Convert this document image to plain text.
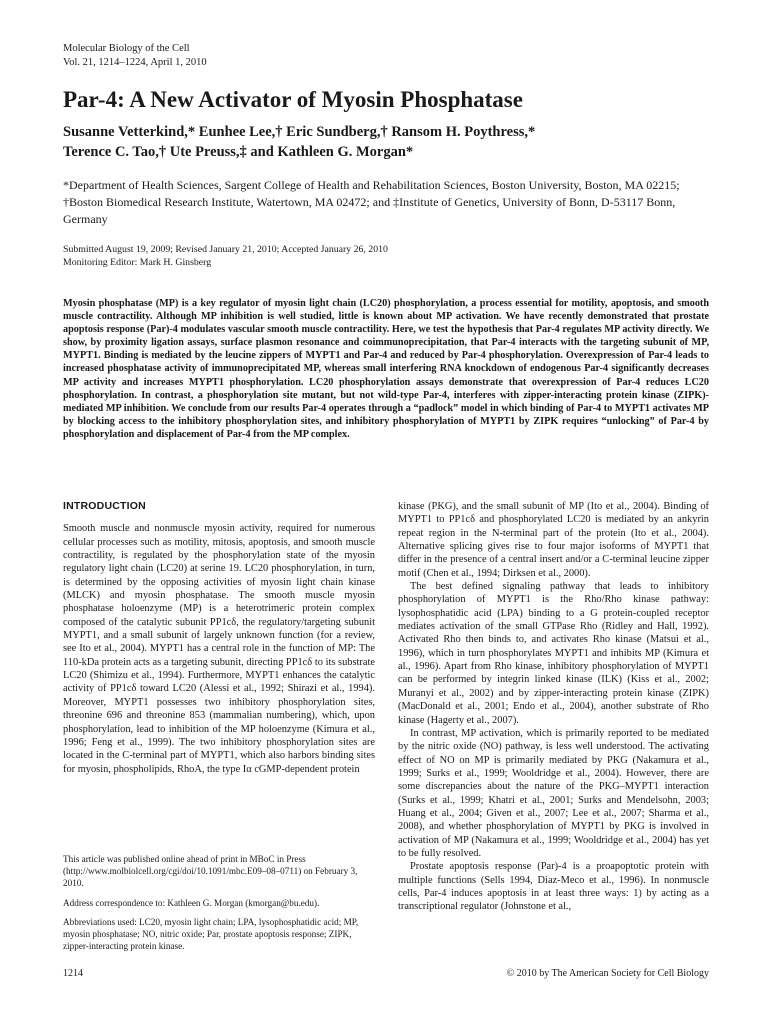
Molecular Biology of the Cell
Vol. 21, 1214–1224, April 1, 2010
Par-4: A New Activator of Myosin Phosphatase
Susanne Vetterkind,* Eunhee Lee,† Eric Sundberg,† Ransom H. Poythress,*
Terence C. Tao,† Ute Preuss,‡ and Kathleen G. Morgan*
*Department of Health Sciences, Sargent College of Health and Rehabilitation Sciences, Boston University, Boston, MA 02215; †Boston Biomedical Research Institute, Watertown, MA 02472; and ‡Institute of Genetics, University of Bonn, D-53117 Bonn, Germany
Submitted August 19, 2009; Revised January 21, 2010; Accepted January 26, 2010
Monitoring Editor: Mark H. Ginsberg
Myosin phosphatase (MP) is a key regulator of myosin light chain (LC20) phosphorylation, a process essential for motility, apoptosis, and smooth muscle contractility. Although MP inhibition is well studied, little is known about MP activation. We have recently demonstrated that prostate apoptosis response (Par)-4 modulates vascular smooth muscle contractility. Here, we test the hypothesis that Par-4 regulates MP activity directly. We show, by proximity ligation assays, surface plasmon resonance and coimmunoprecipitation, that Par-4 interacts with the targeting subunit of MP, MYPT1. Binding is mediated by the leucine zippers of MYPT1 and Par-4 and reduced by Par-4 phosphorylation. Overexpression of Par-4 leads to increased phosphatase activity of immunoprecipitated MP, whereas small interfering RNA knockdown of endogenous Par-4 significantly decreases MP activity and increases MYPT1 phosphorylation. LC20 phosphorylation assays demonstrate that overexpression of Par-4 reduces LC20 phosphorylation. In contrast, a phosphorylation site mutant, but not wild-type Par-4, interferes with zipper-interacting protein kinase (ZIPK)-mediated MP inhibition. We conclude from our results Par-4 operates through a “padlock” model in which binding of Par-4 to MYPT1 activates MP by blocking access to the inhibitory phosphorylation sites, and inhibitory phosphorylation of MYPT1 by ZIPK requires “unlocking” of Par-4 by phosphorylation and displacement of Par-4 from the MP complex.
INTRODUCTION

Smooth muscle and nonmuscle myosin activity, required for numerous cellular processes such as motility, mitosis, apoptosis, and smooth muscle contractility, is regulated by the phosphorylation state of the myosin regulatory light chain (LC20) at serine 19. LC20 phosphorylation, in turn, is determined by the opposing activities of myosin light chain kinase (MLCK) and myosin phosphatase. The smooth muscle myosin phosphatase holoenzyme (MP) is a heterotrimeric protein complex composed of the catalytic subunit PP1cδ, the regulatory/targeting subunit MYPT1, and a small subunit of largely unknown function (for a review, see Ito et al., 2004). MYPT1 has a central role in the function of MP: The 110-kDa protein acts as a targeting subunit, directing PP1cδ to its substrate LC20 (Shimizu et al., 1994). Furthermore, MYPT1 enhances the catalytic activity of PP1cδ toward LC20 (Alessi et al., 1992; Shirazi et al., 1994). Moreover, MYPT1 possesses two inhibitory phosphorylation sites, threonine 696 and threonine 853 (mammalian numbering), which, upon phosphorylation, lead to inhibition of the MP holoenzyme (Kimura et al., 1996; Feng et al., 1999). The two inhibitory phosphorylation sites are located in the C-terminal part of MYPT1, which also harbors binding sites for myosin, phospholipids, RhoA, the type Iα cGMP-dependent protein

This article was published online ahead of print in MBoC in Press (http://www.molbiolcell.org/cgi/doi/10.1091/mbc.E09–08–0711) on February 3, 2010.

Address correspondence to: Kathleen G. Morgan (kmorgan@bu.edu).

Abbreviations used: LC20, myosin light chain; LPA, lysophosphatidic acid; MP, myosin phosphatase; NO, nitric oxide; Par, prostate apoptosis response; ZIPK, zipper-interacting protein kinase.

kinase (PKG), and the small subunit of MP (Ito et al., 2004). Binding of MYPT1 to PP1cδ and phosphorylated LC20 is mediated by an ankyrin repeat region in the N-terminal part of the protein (Ito et al., 2004). Alternative splicing gives rise to four major isoforms of MYPT1 that differ in the presence of a central insert and/or a C-terminal leucine zipper motif (Chen et al., 1994; Dirksen et al., 2000).

The best defined signaling pathway that leads to inhibitory phosphorylation of MYPT1 is the Rho/Rho kinase pathway: lysophosphatidic acid (LPA) binding to a G protein-coupled receptor mediates activation of the small GTPase Rho (Ridley and Hall, 1992). Activated Rho then binds to, and activates Rho kinase (Matsui et al., 1996), which in turn phosphorylates MYPT1 and inhibits MP (Kimura et al., 1996). Apart from Rho kinase, inhibitory phosphorylation of MYPT1 can be performed by integrin linked kinase (ILK) (Kiss et al., 2002; Muranyi et al., 2002) and by zipper-interacting protein kinase (ZIPK) (MacDonald et al., 2001; Endo et al., 2004), another substrate of Rho kinase (Hagerty et al., 2007).

In contrast, MP activation, which is primarily reported to be mediated by the nitric oxide (NO) pathway, is less well understood. The activating effect of NO on MP is primarily mediated by PKG (Nakamura et al., 1999; Surks et al., 1999; Wooldridge et al., 2004). However, there are some discrepancies about the nature of the PKG–MYPT1 interaction (Surks et al., 1999; Khatri et al., 2001; Surks and Mendelsohn, 2003; Huang et al., 2004; Given et al., 2007; Lee et al., 2007; Sharma et al., 2008), and whether phosphorylation of MYPT1 by PKG is involved in activation of MP (Nakamura et al., 1999; Wooldridge et al., 2004) has yet to be fully resolved.

Prostate apoptosis response (Par)-4 is a proapoptotic protein with multiple functions (Sells 1994, Diaz-Meco et al., 1996). In nonmuscle cells, Par-4 induces apoptosis in at least three ways: 1) by acting as a transcriptional regulator (Johnstone et al.,

1214	© 2010 by The American Society for Cell Biology
